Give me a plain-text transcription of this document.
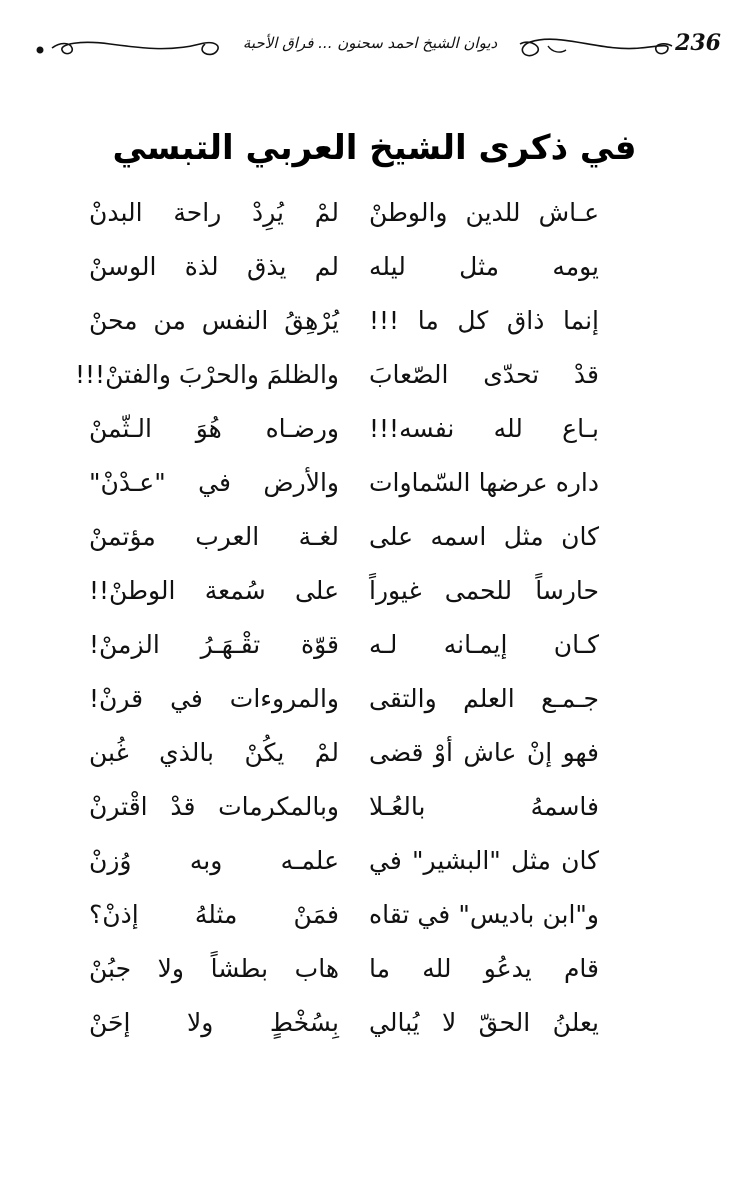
236
ديوان الشيخ احمد سحنون ... فراق الأحبة
في ذكرى الشيخ العربي التبسي
عـاش للدين والوطنْ
لمْ يُرِدْ راحة البدنْ
يومه مثل ليله
لم يذق لذة الوسنْ
إنما ذاق كل ما !!!
يُرْهِقُ النفس من محنْ
قدْ تحدّى الصّعابَ
والظلمَ والحرْبَ والفتنْ!!!
بـاع لله نفسه!!!
ورضـاه هُوَ الـثّمنْ
داره عرضها السّماوات
والأرض في "عـدْنْ"
كان مثل اسمه على
لغـة العرب مؤتمنْ
حارساً للحمى غيوراً
على سُمعة الوطنْ!!
كـان إيمـانه لـه
قوّة تقْـهَـرُ الزمنْ!
جـمـع العلم والتقى
والمروءات في قرنْ!
فهو إنْ عاش أوْ قضى
لمْ يكُنْ بالذي غُبن
فاسمهُ بالعُـلا
وبالمكرمات قدْ اقْترنْ
كان مثل "البشير" في
علمـه وبه وُزنْ
و"ابن باديس" في تقاه
فمَنْ مثلهُ إذنْ؟
قام يدعُو لله ما
هاب بطشاً ولا جبُنْ
يعلنُ الحقّ لا يُبالي
بِسُخْطٍ ولا إحَنْ
